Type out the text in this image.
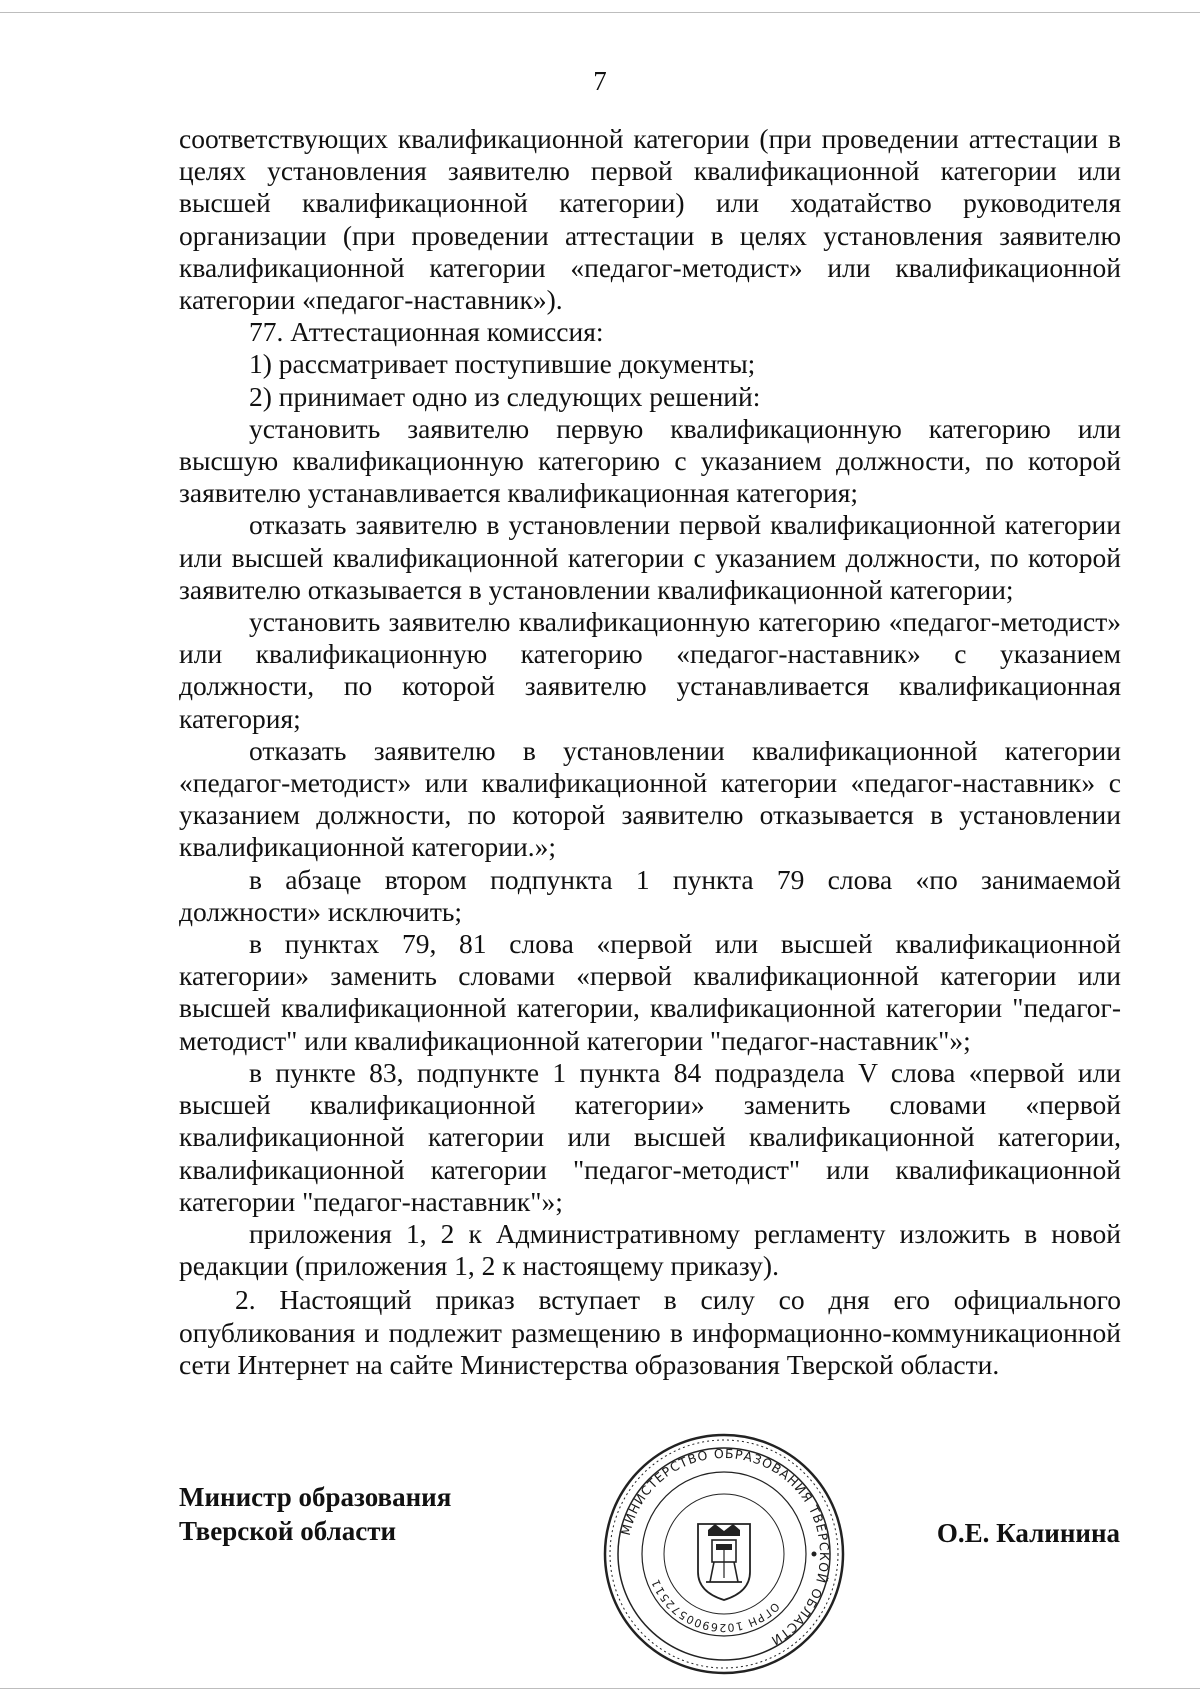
7

соответствующих квалификационной категории (при проведении аттестации в целях установления заявителю первой квалификационной категории или высшей квалификационной категории) или ходатайство руководителя организации (при проведении аттестации в целях установления заявителю квалификационной категории «педагог-методист» или квалификационной категории «педагог-наставник»).

77. Аттестационная комиссия:

1) рассматривает поступившие документы;

2) принимает одно из следующих решений:

установить заявителю первую квалификационную категорию или высшую квалификационную категорию с указанием должности, по которой заявителю устанавливается квалификационная категория;

отказать заявителю в установлении первой квалификационной категории или высшей квалификационной категории с указанием должности, по которой заявителю отказывается в установлении квалификационной категории;

установить заявителю квалификационную категорию «педагог-методист» или квалификационную категорию «педагог-наставник» с указанием должности, по которой заявителю устанавливается квалификационная категория;

отказать заявителю в установлении квалификационной категории «педагог-методист» или квалификационной категории «педагог-наставник» с указанием должности, по которой заявителю отказывается в установлении квалификационной категории.»;

в абзаце втором подпункта 1 пункта 79 слова «по занимаемой должности» исключить;

в пунктах 79, 81 слова «первой или высшей квалификационной категории» заменить словами «первой квалификационной категории или высшей квалификационной категории, квалификационной категории "педагог-методист" или квалификационной категории "педагог-наставник"»;

в пункте 83, подпункте 1 пункта 84 подраздела V слова «первой или высшей квалификационной категории» заменить словами «первой квалификационной категории или высшей квалификационной категории, квалификационной категории "педагог-методист" или квалификационной категории "педагог-наставник"»;

приложения 1, 2 к Административному регламенту изложить в новой редакции (приложения 1, 2 к настоящему приказу).

2. Настоящий приказ вступает в силу со дня его официального опубликования и подлежит размещению в информационно-коммуникационной сети Интернет на сайте Министерства образования Тверской области.

Министр образования
Тверской области	О.Е. Калинина
МИНИСТЕРСТВО ОБРАЗОВАНИЯ ТВЕРСКОЙ ОБЛАСТИ
ОГРН 1026900572511
